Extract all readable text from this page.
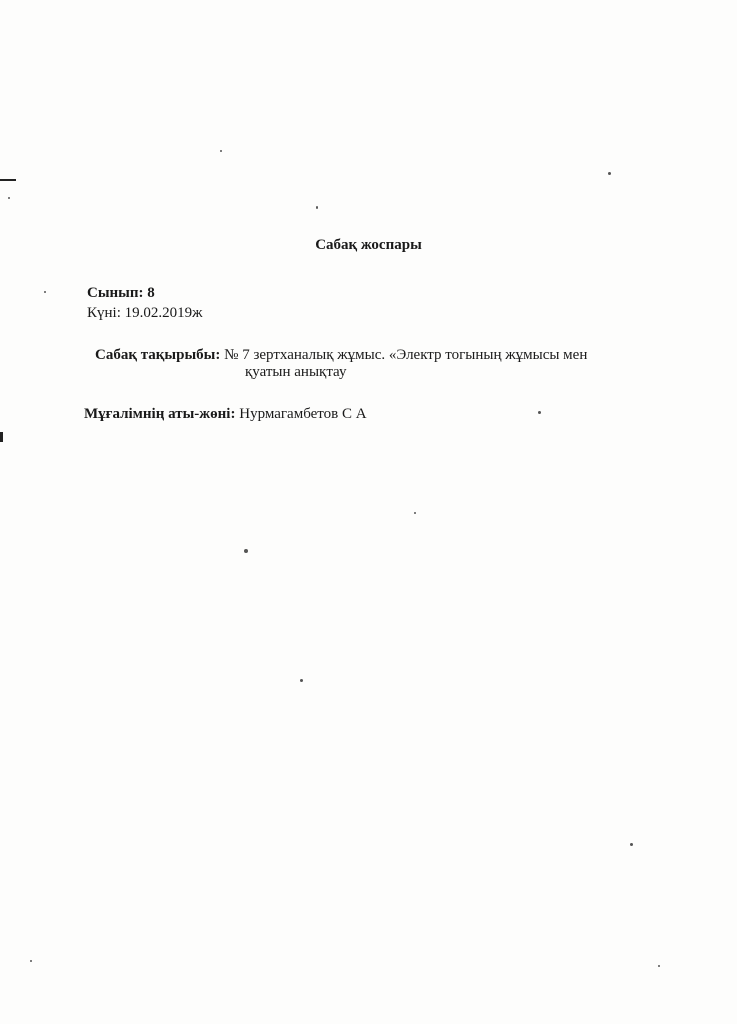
Сабақ жоспары
Сынып: 8
Күні: 19.02.2019ж
Сабақ тақырыбы: № 7 зертханалық жұмыс. «Электр тогының жұмысы мен
қуатын анықтау
Мұғалімнің аты-жөні: Нурмагамбетов С А
